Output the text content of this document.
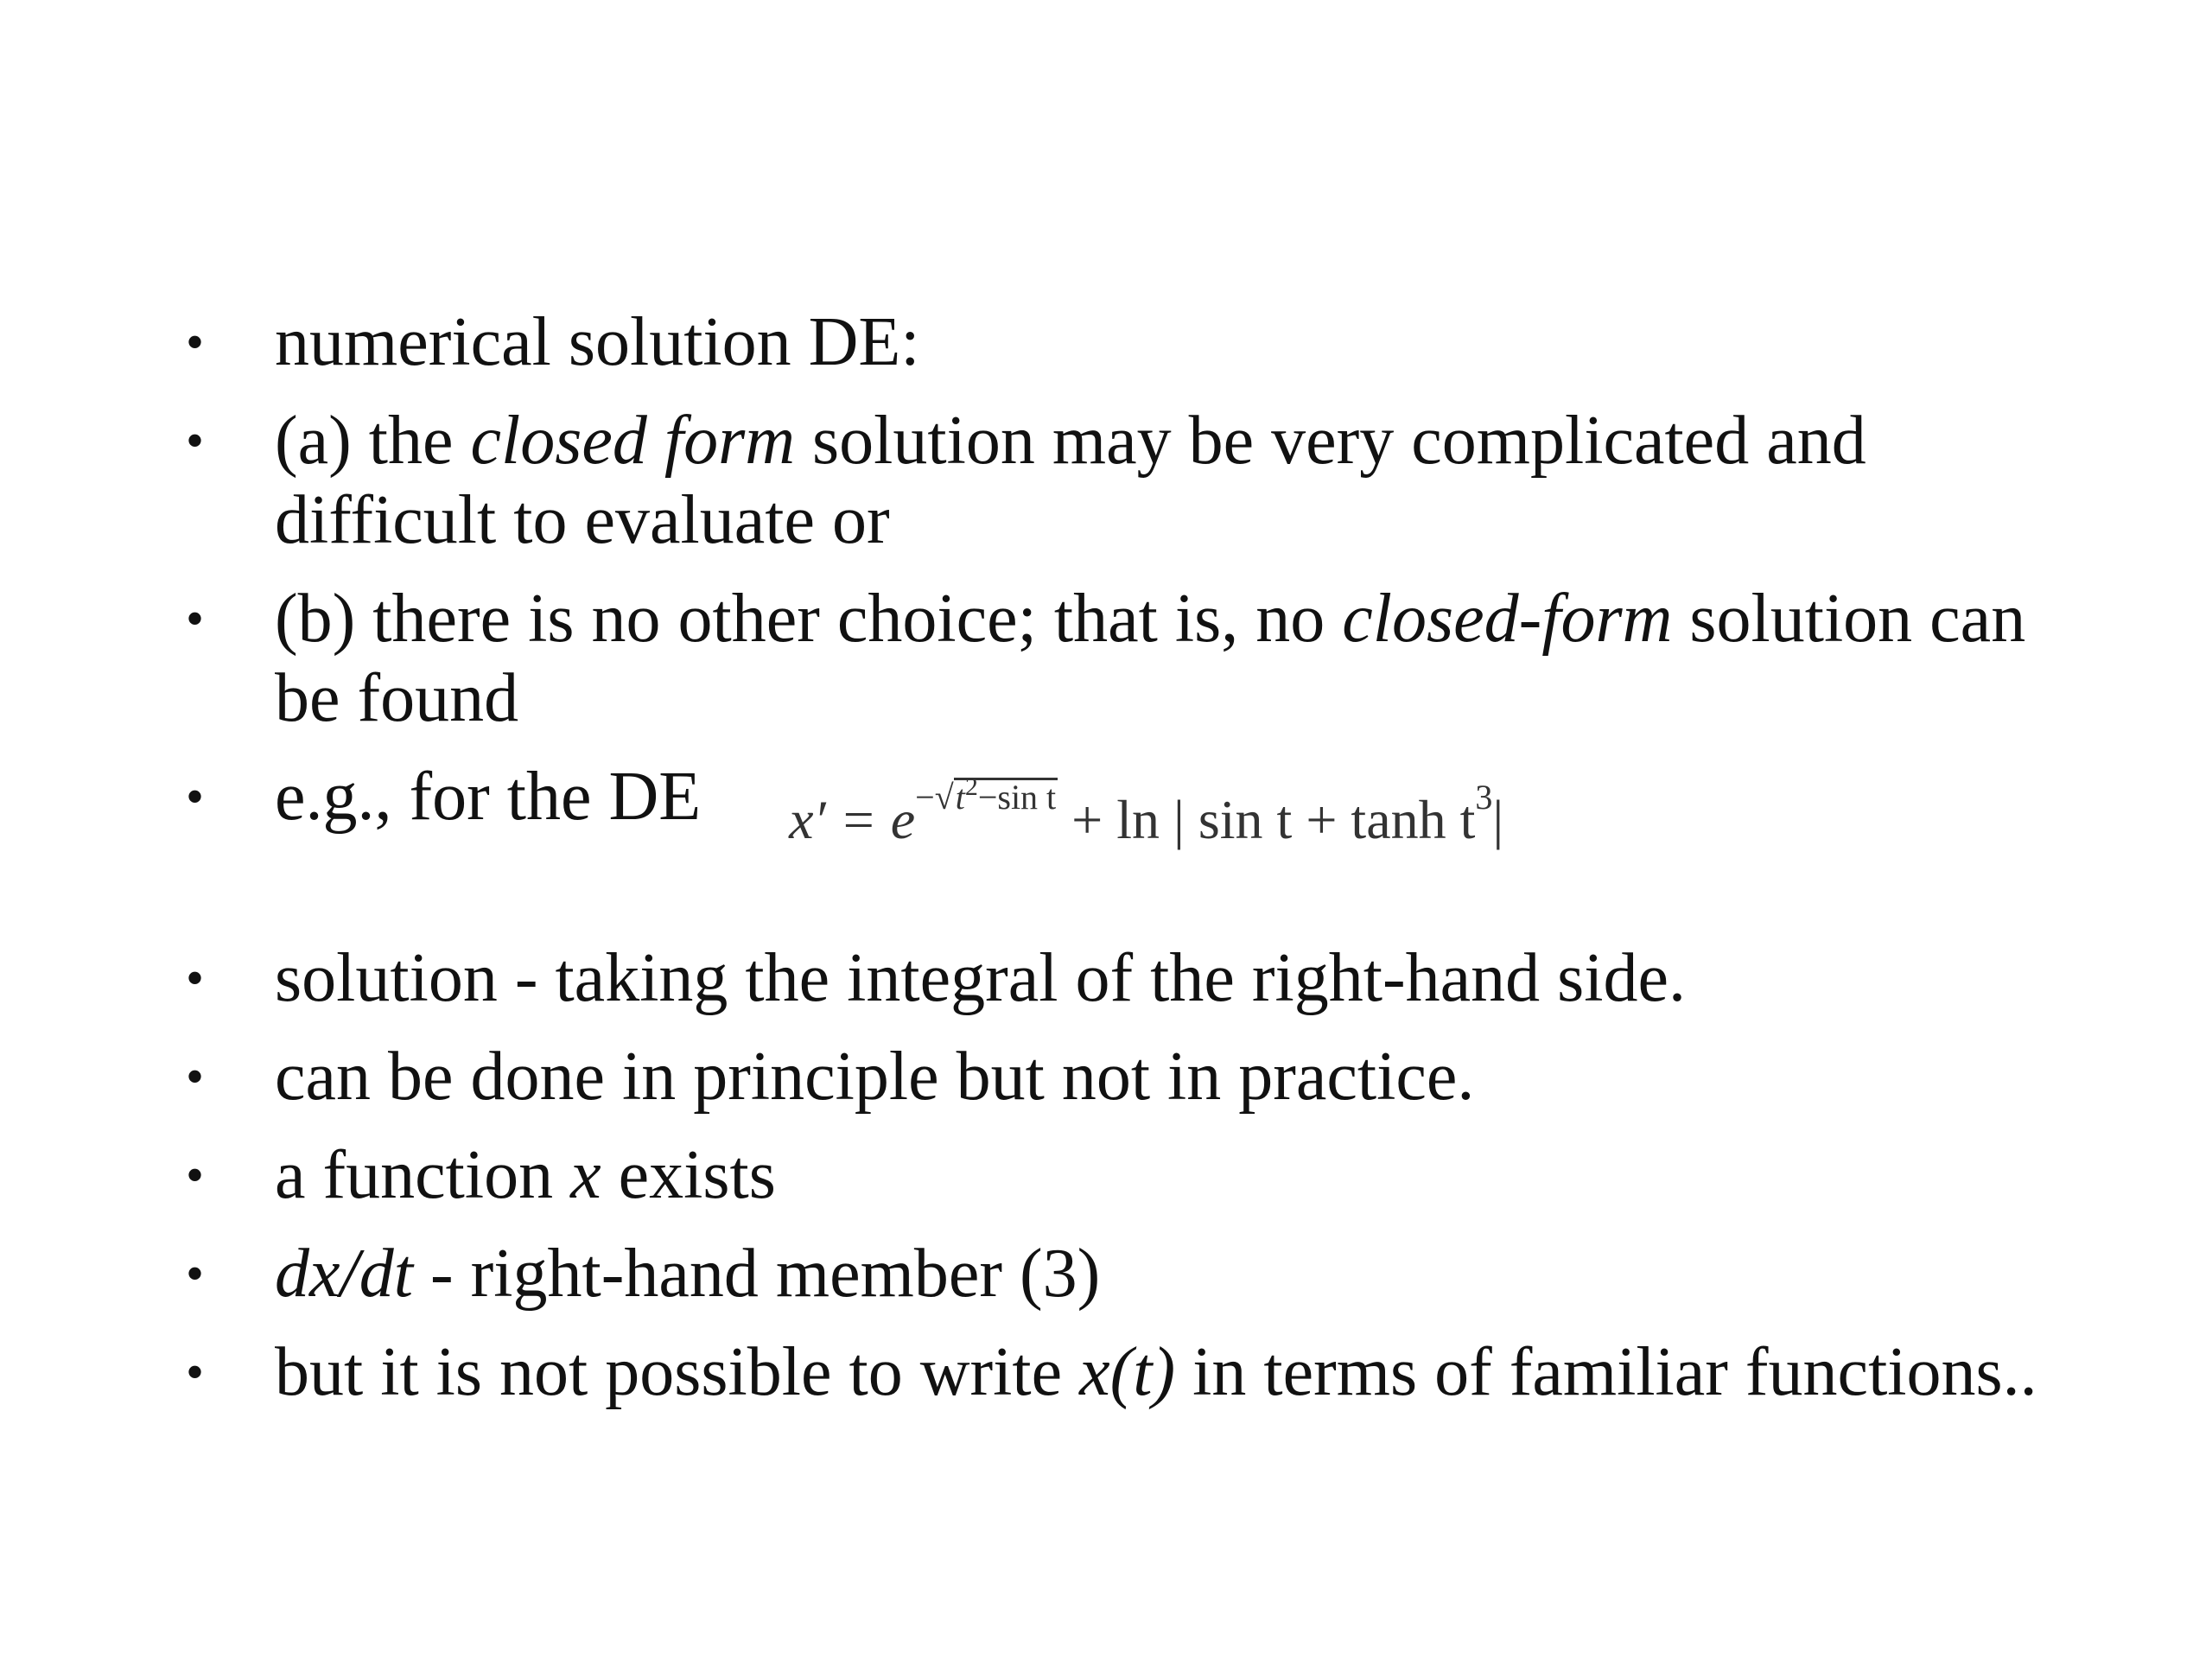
• numerical solution DE:
• (a) the closed form solution may be very complicated and difficult to evaluate or
• (b) there is no other choice; that is, no closed-form solution can be found
• e.g., for the DE $x' = e^{-√t^2-sin t} + \ln$ | $\sin t + \tanh t^3|$
• solution - taking the integral of the right-hand side.
• can be done in principle but not in practice.
• a function x exists
• dx/dt - right-hand member (3)
• but it is not possible to write x(t) in terms of familiar functions..
